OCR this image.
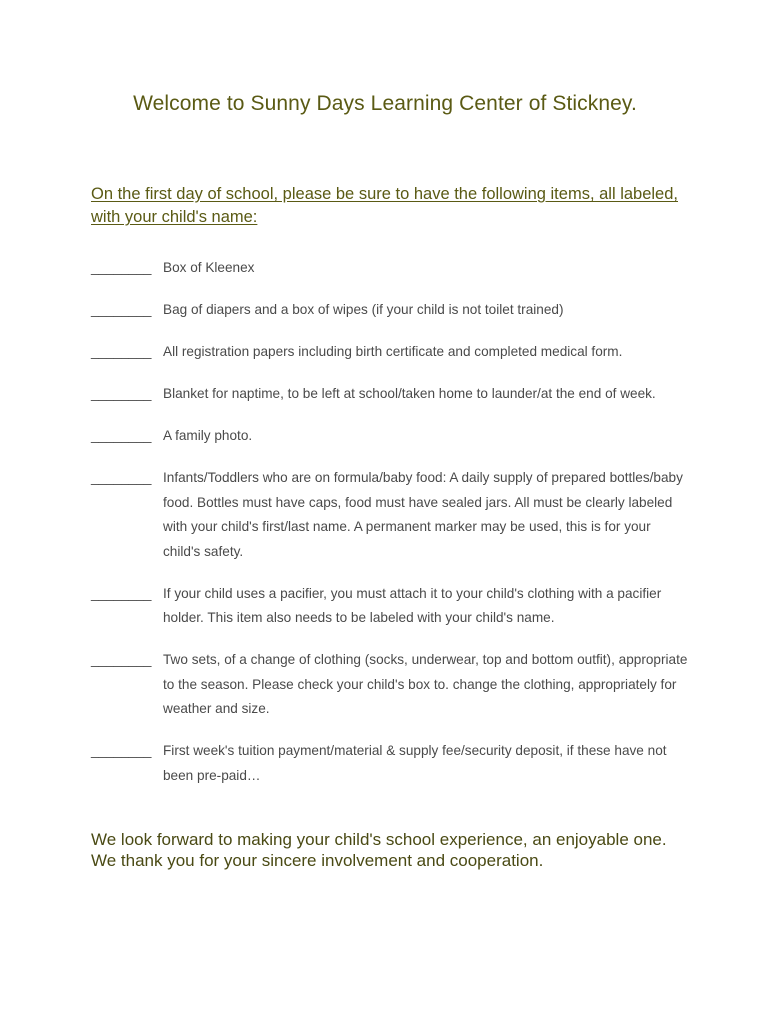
Welcome to Sunny Days Learning Center of Stickney.
On the first day of school, please be sure to have the following items, all labeled, with your child's name:
________ Box of Kleenex
________ Bag of diapers and a box of wipes (if your child is not toilet trained)
________ All registration papers including birth certificate and completed medical form.
________ Blanket for naptime, to be left at school/taken home to launder/at the end of week.
________ A family photo.
________ Infants/Toddlers who are on formula/baby food: A daily supply of prepared bottles/baby food. Bottles must have caps, food must have sealed jars. All must be clearly labeled with your child's first/last name. A permanent marker may be used, this is for your child's safety.
________ If your child uses a pacifier, you must attach it to your child's clothing with a pacifier holder. This item also needs to be labeled with your child's name.
________ Two sets, of a change of clothing (socks, underwear, top and bottom outfit), appropriate to the season. Please check your child's box to. change the clothing, appropriately for weather and size.
________ First week's tuition payment/material & supply fee/security deposit, if these have not been pre-paid…
We look forward to making your child's school experience, an enjoyable one. We thank you for your sincere involvement and cooperation.
